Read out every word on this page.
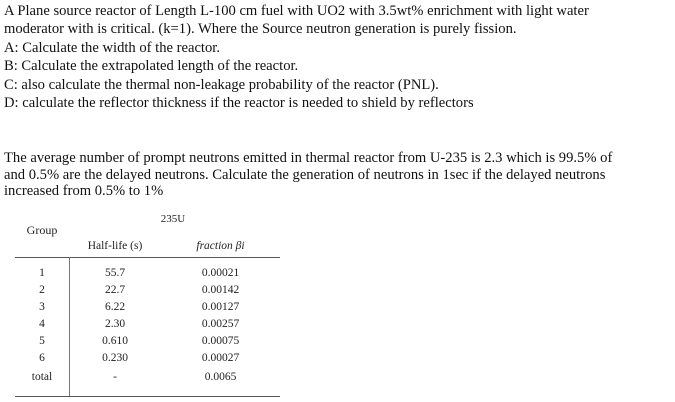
A Plane source reactor of Length L-100 cm fuel with UO2 with 3.5wt% enrichment with light water
moderator with is critical. (k=1). Where the Source neutron generation is purely fission.
A: Calculate the width of the reactor.
B: Calculate the extrapolated length of the reactor.
C: also calculate the thermal non-leakage probability of the reactor (PNL).
D: calculate the reflector thickness if the reactor is needed to shield by reflectors
The average number of prompt neutrons emitted in thermal reactor from U-235 is 2.3 which is 99.5% of
and 0.5% are the delayed neutrons. Calculate the generation of neutrons in 1sec if the delayed neutrons
increased from 0.5% to 1%
235U
Group
Half-life (s)	fraction βi
1	55.7	0.00021
2	22.7	0.00142
3	6.22	0.00127
4	2.30	0.00257
5	0.610	0.00075
6	0.230	0.00027
total	-	0.0065
